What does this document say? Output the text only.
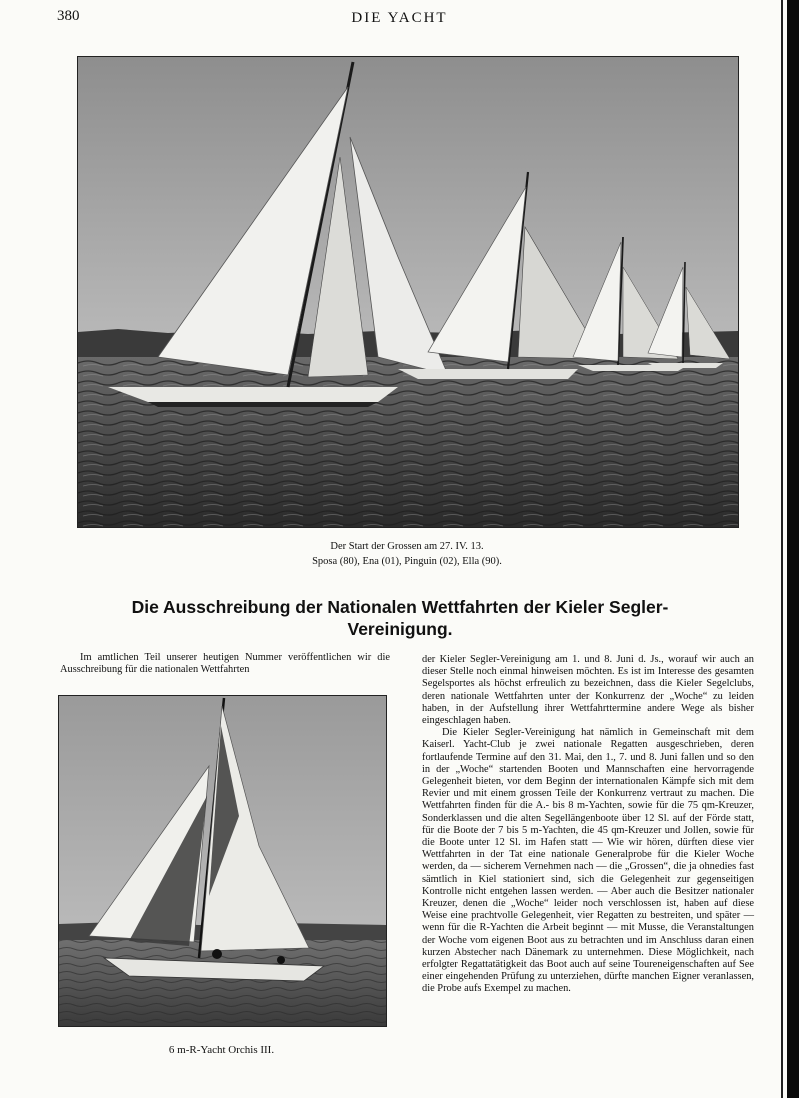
380	DIE YACHT
Der Start der Grossen am 27. IV. 13.
Sposa (80), Ena (01), Pinguin (02), Ella (90).
Die Ausschreibung der Nationalen Wettfahrten der Kieler Segler-Vereinigung.

Im amtlichen Teil unserer heutigen Nummer veröffentlichen wir die Ausschreibung für die nationalen Wettfahrten

6 m-R-Yacht Orchis III.

der Kieler Segler-Vereinigung am 1. und 8. Juni d. Js., worauf wir auch an dieser Stelle noch einmal hinweisen möchten. Es ist im Interesse des gesamten Segelsportes als höchst erfreulich zu bezeichnen, dass die Kieler Segelclubs, deren nationale Wettfahrten unter der Konkurrenz der „Woche“ zu leiden haben, in der Aufstellung ihrer Wettfahrttermine andere Wege als bisher eingeschlagen haben.

Die Kieler Segler-Vereinigung hat nämlich in Gemeinschaft mit dem Kaiserl. Yacht-Club je zwei nationale Regatten ausgeschrieben, deren fortlaufende Termine auf den 31. Mai, den 1., 7. und 8. Juni fallen und so den in der „Woche“ startenden Booten und Mannschaften eine hervorragende Gelegenheit bieten, vor dem Beginn der internationalen Kämpfe sich mit dem Revier und mit einem grossen Teile der Konkurrenz vertraut zu machen. Die Wettfahrten finden für die A.- bis 8 m-Yachten, sowie für die 75 qm-Kreuzer, Sonderklassen und die alten Segellängenboote über 12 Sl. auf der Förde statt, für die Boote der 7 bis 5 m-Yachten, die 45 qm-Kreuzer und Jollen, sowie für die Boote unter 12 Sl. im Hafen statt — Wie wir hören, dürften diese vier Wettfahrten in der Tat eine nationale Generalprobe für die Kieler Woche werden, da — sicherem Vernehmen nach — die „Grossen“, die ja ohnedies fast sämtlich in Kiel stationiert sind, sich die Gelegenheit zur gegenseitigen Kontrolle nicht entgehen lassen werden. — Aber auch die Besitzer nationaler Kreuzer, denen die „Woche“ leider noch verschlossen ist, haben auf diese Weise eine prachtvolle Gelegenheit, vier Regatten zu bestreiten, und später — wenn für die R-Yachten die Arbeit beginnt — mit Musse, die Veranstaltungen der Woche vom eigenen Boot aus zu betrachten und im Anschluss daran einen kurzen Abstecher nach Dänemark zu unternehmen. Diese Möglichkeit, nach erfolgter Regattatätigkeit das Boot auch auf seine Toureneigenschaften auf See einer eingehenden Prüfung zu unterziehen, dürfte manchen Eigner veranlassen, die Probe aufs Exempel zu machen.
